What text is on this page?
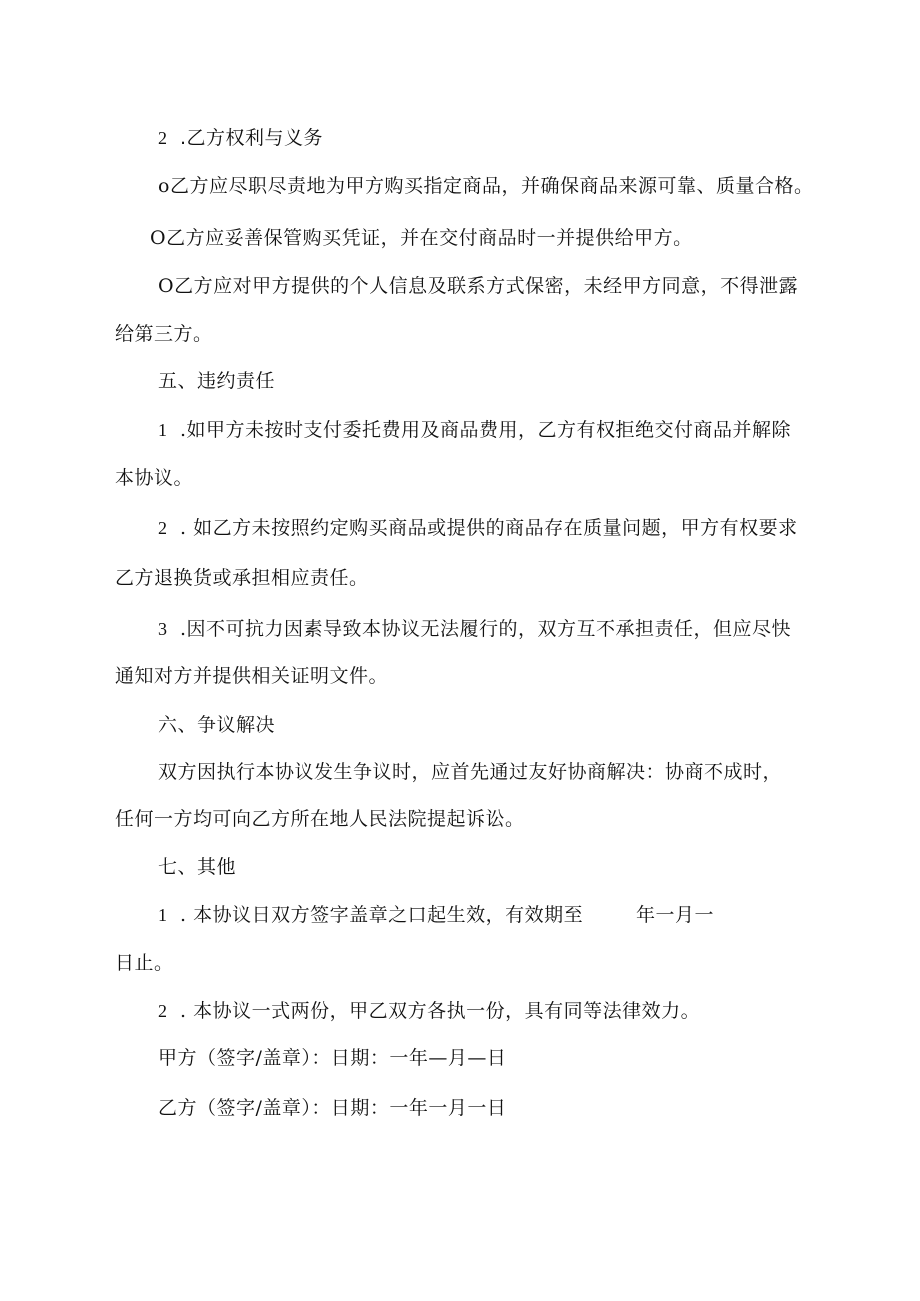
2 .乙方权利与义务
o乙方应尽职尽责地为甲方购买指定商品，并确保商品来源可靠、质量合格。
O乙方应妥善保管购买凭证，并在交付商品时一并提供给甲方。
O乙方应对甲方提供的个人信息及联系方式保密，未经甲方同意，不得泄露
给第三方。
五、违约责任
1 .如甲方未按时支付委托费用及商品费用，乙方有权拒绝交付商品并解除
本协议。
2 . 如乙方未按照约定购买商品或提供的商品存在质量问题，甲方有权要求
乙方退换货或承担相应责任。
3 .因不可抗力因素导致本协议无法履行的，双方互不承担责任，但应尽快
通知对方并提供相关证明文件。
六、争议解决
双方因执行本协议发生争议时，应首先通过友好协商解决：协商不成时，
任何一方均可向乙方所在地人民法院提起诉讼。
七、其他
1 . 本协议日双方签字盖章之口起生效，有效期至	年一月一
日止。
2 . 本协议一式两份，甲乙双方各执一份，具有同等法律效力。
甲方（签字/盖章）：日期：一年—月—日
乙方（签字/盖章）：日期：一年一月一日
